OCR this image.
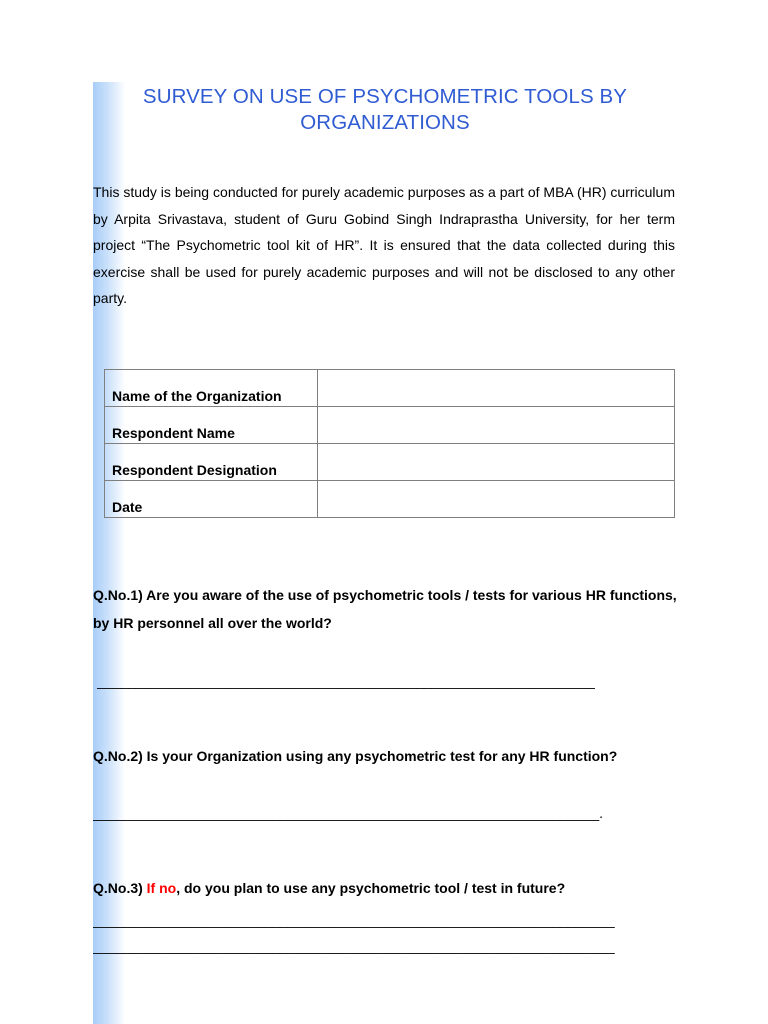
SURVEY ON USE OF PSYCHOMETRIC TOOLS BY ORGANIZATIONS
This study is being conducted for purely academic purposes as a part of MBA (HR) curriculum by Arpita Srivastava, student of Guru Gobind Singh Indraprastha University, for her term project “The Psychometric tool kit of HR”. It is ensured that the data collected during this exercise shall be used for purely academic purposes and will not be disclosed to any other party.
Name of the Organization	
Respondent Name	
Respondent Designation	
Date	
Q.No.1) Are you aware of the use of psychometric tools / tests for various HR functions, by HR personnel all over the world?
________________________________________________________________
Q.No.2) Is your Organization using any psychometric test for any HR function?
_________________________________________________________________.
Q.No.3) If no, do you plan to use any psychometric tool / test in future?
___________________________________________________________________
___________________________________________________________________
